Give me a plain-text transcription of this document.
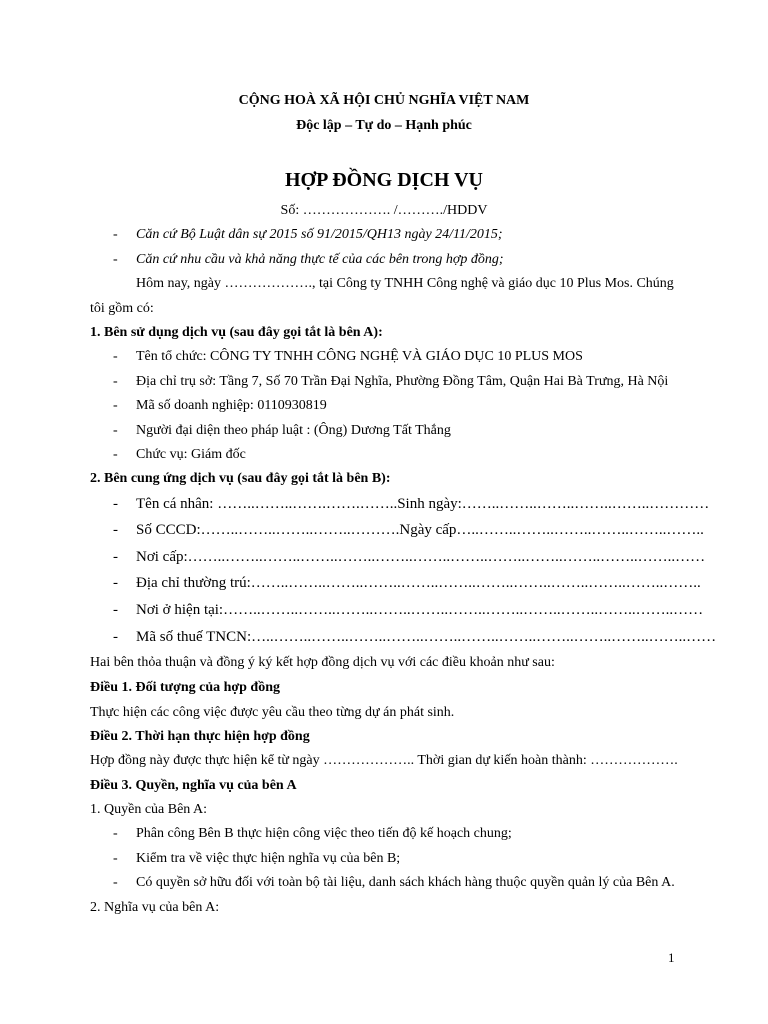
CỘNG HOÀ XÃ HỘI CHỦ NGHĨA VIỆT NAM
Độc lập – Tự do – Hạnh phúc
HỢP ĐỒNG DỊCH VỤ
Số: ………………. /………./HDDV
- Căn cứ Bộ Luật dân sự 2015 số 91/2015/QH13 ngày 24/11/2015;
- Căn cứ nhu cầu và khả năng thực tế của các bên trong hợp đồng;
Hôm nay, ngày ………………., tại Công ty TNHH Công nghệ và giáo dục 10 Plus Mos. Chúng
tôi gồm có:
1. Bên sử dụng dịch vụ (sau đây gọi tắt là bên A):
- Tên tổ chức: CÔNG TY TNHH CÔNG NGHỆ VÀ GIÁO DỤC 10 PLUS MOS
- Địa chỉ trụ sở: Tầng 7, Số 70 Trần Đại Nghĩa, Phường Đồng Tâm, Quận Hai Bà Trưng, Hà Nội
- Mã số doanh nghiệp: 0110930819
- Người đại diện theo pháp luật : (Ông) Dương Tất Thắng
- Chức vụ: Giám đốc
2. Bên cung ứng dịch vụ (sau đây gọi tắt là bên B):
- Tên cá nhân: ……..……..…….…….……..Sinh ngày:……..……..……..……..……..…………
- Số CCCD:……..……..……..……..……….Ngày cấp…..……..……..……..……..……..……..
- Nơi cấp:……..……..……..……..……..……..……..……..……..……..……..……..……..……
- Địa chỉ thường trú:……..……..……..……..……..……..……..……..……..……..……..……..
- Nơi ở hiện tại:……..……..……..……..……..……..……..……..……..……..……..……..……
- Mã số thuế TNCN:…..……..……..……..……..……..……..……..……..……..……..……..……
Hai bên thỏa thuận và đồng ý ký kết hợp đồng dịch vụ với các điều khoản như sau:
Điều 1. Đối tượng của hợp đồng
Thực hiện các công việc được yêu cầu theo từng dự án phát sinh.
Điều 2. Thời hạn thực hiện hợp đồng
Hợp đồng này được thực hiện kể từ ngày ……………….. Thời gian dự kiến hoàn thành: ……………….
Điều 3. Quyền, nghĩa vụ của bên A
1. Quyền của Bên A:
- Phân công Bên B thực hiện công việc theo tiến độ kế hoạch chung;
- Kiểm tra về việc thực hiện nghĩa vụ của bên B;
- Có quyền sở hữu đối với toàn bộ tài liệu, danh sách khách hàng thuộc quyền quản lý của Bên A.
2. Nghĩa vụ của bên A:
1
